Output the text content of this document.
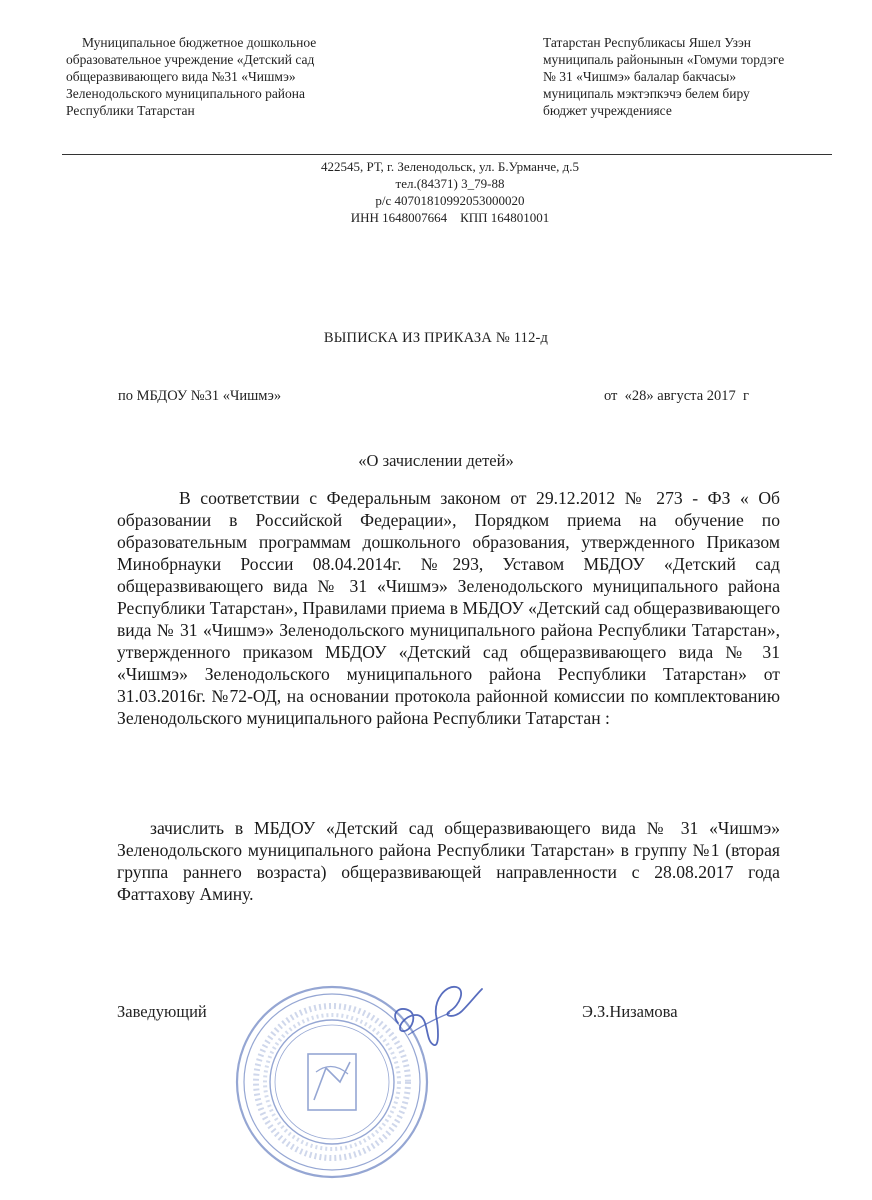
Муниципальное бюджетное дошкольное
образовательное учреждение «Детский сад
общеразвивающего вида №31 «Чишмэ»
Зеленодольского муниципального района
Республики Татарстан
Татарстан Республикасы Яшел Узэн
муниципаль районынын «Гомуми тордэге
№ 31 «Чишмэ» балалар бакчасы»
муниципаль мэктэпкэчэ белем биру
бюджет учреждениясе
422545, РТ, г. Зеленодольск, ул. Б.Урманче, д.5
тел.(84371) 3_79-88
р/с 40701810992053000020
ИНН 1648007664    КПП 164801001
ВЫПИСКА ИЗ ПРИКАЗА № 112-д
по МБДОУ №31 «Чишмэ»	от  «28» августа 2017  г
«О зачислении детей»
В соответствии с Федеральным законом от 29.12.2012 № 273 - ФЗ « Об образовании в Российской Федерации», Порядком приема на обучение по образовательным программам дошкольного образования, утвержденного Приказом Минобрнауки России 08.04.2014г. №293, Уставом МБДОУ «Детский сад общеразвивающего вида № 31 «Чишмэ» Зеленодольского муниципального района Республики Татарстан», Правилами приема в МБДОУ «Детский сад общеразвивающего вида № 31 «Чишмэ» Зеленодольского муниципального района Республики Татарстан», утвержденного приказом МБДОУ «Детский сад общеразвивающего вида № 31 «Чишмэ» Зеленодольского муниципального района Республики Татарстан» от 31.03.2016г. №72-ОД, на основании протокола районной комиссии по комплектованию Зеленодольского муниципального района Республики Татарстан :
зачислить в МБДОУ «Детский сад общеразвивающего вида № 31 «Чишмэ» Зеленодольского муниципального района Республики Татарстан» в группу №1 (вторая группа раннего возраста) общеразвивающей направленности с 28.08.2017 года Фаттахову Амину.
Заведующий	Э.З.Низамова
